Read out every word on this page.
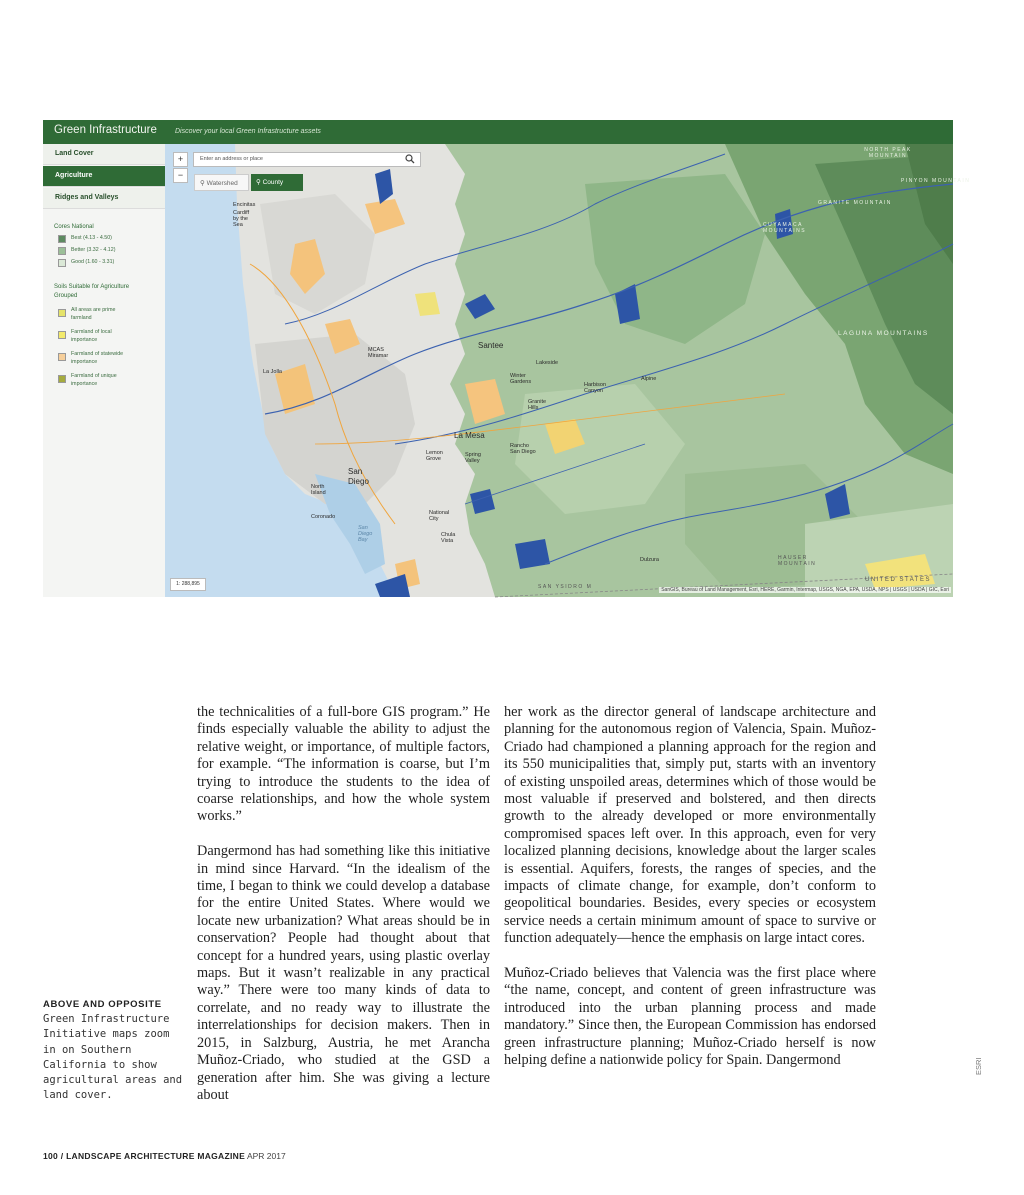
Green Infrastructure	Discover your local Green Infrastructure assets
Land Cover
Agriculture
Ridges and Valleys
Cores National
Best (4.13 - 4.50)
Better (3.32 - 4.12)
Good (1.60 - 3.31)
Soils Suitable for Agriculture Grouped
All areas are prime farmland
Farmland of local importance
Farmland of statewide importance
Farmland of unique importance
+
−
Enter an address or place
⚲ Watershed	⚲ County
1: 288,895
SanGIS, Bureau of Land Management, Esri, HERE, Garmin, Intermap, USGS, NGA, EPA, USDA, NPS | USGS | USDA | GIC, Esri
Encinitas
Cardiff by the Sea
La Jolla
MCAS Miramar
Santee
Lakeside
Winter Gardens	Harbison Canyon
Alpine
Granite Hills
La Mesa
Lemon Grove
Spring Valley
Rancho San Diego
San Diego
National City
Chula Vista
Coronado
North Island
San Diego Bay
NORTH PEAK MOUNTAIN
PINYON MOUNTAIN
GRANITE MOUNTAIN
CUYAMACA MOUNTAINS
LAGUNA MOUNTAINS
HAUSER MOUNTAIN
SAN YSIDRO M
UNITED STATES
Dulzura

the technicalities of a full-bore GIS program.” He finds especially valuable the ability to adjust the relative weight, or importance, of multiple factors, for example. “The information is coarse, but I’m trying to introduce the students to the idea of coarse relationships, and how the whole system works.”

Dangermond has had something like this initiative in mind since Harvard. “In the idealism of the time, I began to think we could develop a database for the entire United States. Where would we locate new urbanization? What areas should be in conservation? People had thought about that concept for a hundred years, using plastic overlay maps. But it wasn’t realizable in any practical way.” There were too many kinds of data to correlate, and no ready way to illustrate the interrelationships for decision makers. Then in 2015, in Salzburg, Austria, he met Arancha Muñoz-Criado, who studied at the GSD a generation after him. She was giving a lecture about

her work as the director general of landscape architecture and planning for the autonomous region of Valencia, Spain. Muñoz-Criado had championed a planning approach for the region and its 550 municipalities that, simply put, starts with an inventory of existing unspoiled areas, determines which of those would be most valuable if preserved and bolstered, and then directs growth to the already developed or more environmentally compromised spaces left over. In this approach, even for very localized planning decisions, knowledge about the larger scales is essential. Aquifers, forests, the ranges of species, and the impacts of climate change, for example, don’t conform to geopolitical boundaries. Besides, every species or ecosystem service needs a certain minimum amount of space to survive or function adequately—hence the emphasis on large intact cores.

Muñoz-Criado believes that Valencia was the first place where “the name, concept, and content of green infrastructure was introduced into the urban planning process and made mandatory.” Since then, the European Commission has endorsed green infrastructure planning; Muñoz-Criado herself is now helping define a nationwide policy for Spain. Dangermond

ABOVE AND OPPOSITE
Green Infrastructure Initiative maps zoom in on Southern California to show agricultural areas and land cover.
ESRI
100 / LANDSCAPE ARCHITECTURE MAGAZINE APR 2017
